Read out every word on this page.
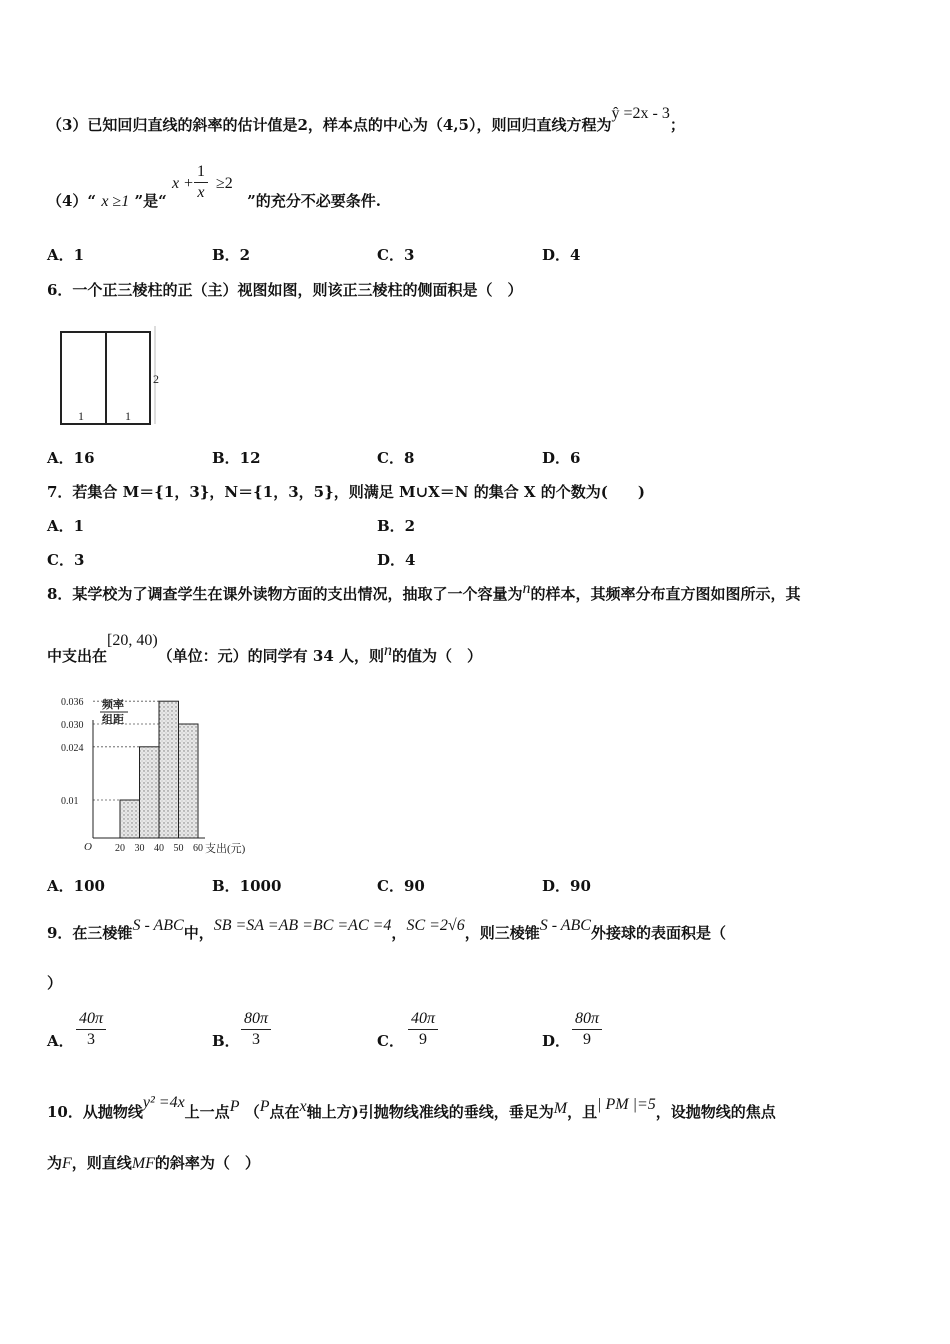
（3）已知回归直线的斜率的估计值是2，样本点的中心为（4,5），则回归直线方程为ŷ =2x - 3；
（4）“ x ≥1 ”是“
$x + \frac{1}{x} \ge 2$
”的充分不必要条件.
A．1	B．2	C．3	D．4
6．一个正三棱柱的正（主）视图如图，则该正三棱柱的侧面积是（　）
2
1	1
A．16	B．12	C．8	D．6
7．若集合 M＝{1，3}，N＝{1，3，5}，则满足 M∪X＝N 的集合 X 的个数为(　　)
A．1	B．2
C．3	D．4
8．某学校为了调查学生在课外读物方面的支出情况，抽取了一个容量为n的样本，其频率分布直方图如图所示，其
中支出在[20, 40)（单位：元）的同学有 34 人，则n的值为（　）
频率
组距
0.036
0.030
0.024
0.01
20 30 40 50 60
O	支出(元)
A．100	B．1000	C．90	D．90
9．在三棱锥S - ABC中，SB =SA =AB =BC =AC =4，SC =2√6，则三棱锥S - ABC外接球的表面积是（
）
A． $\frac{40\pi}{3}$	B． $\frac{80\pi}{3}$	C． $\frac{40\pi}{9}$	D． $\frac{80\pi}{9}$
10．从抛物线y² =4x上一点P （P点在x轴上方)引抛物线准线的垂线，垂足为M，且| PM |=5，设抛物线的焦点
为F，则直线MF的斜率为（　）
